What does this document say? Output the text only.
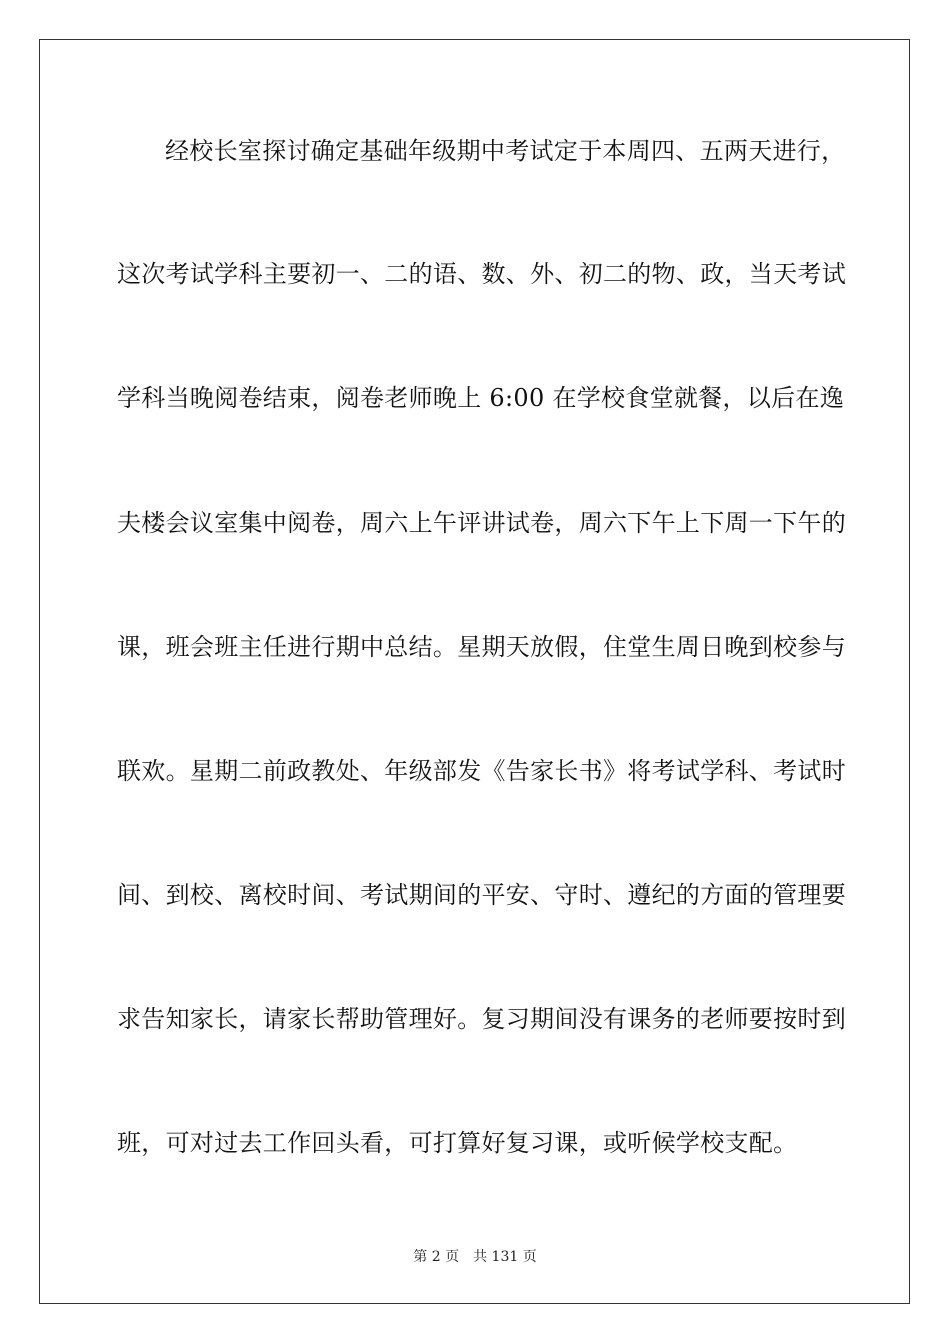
经校长室探讨确定基础年级期中考试定于本周四、五两天进行，
这次考试学科主要初一、二的语、数、外、初二的物、政，当天考试
学科当晚阅卷结束，阅卷老师晚上 6:00 在学校食堂就餐，以后在逸
夫楼会议室集中阅卷，周六上午评讲试卷，周六下午上下周一下午的
课，班会班主任进行期中总结。星期天放假，住堂生周日晚到校参与
联欢。星期二前政教处、年级部发《告家长书》将考试学科、考试时
间、到校、离校时间、考试期间的平安、守时、遵纪的方面的管理要
求告知家长，请家长帮助管理好。复习期间没有课务的老师要按时到
班，可对过去工作回头看，可打算好复习课，或听候学校支配。
第 2 页 共 131 页
